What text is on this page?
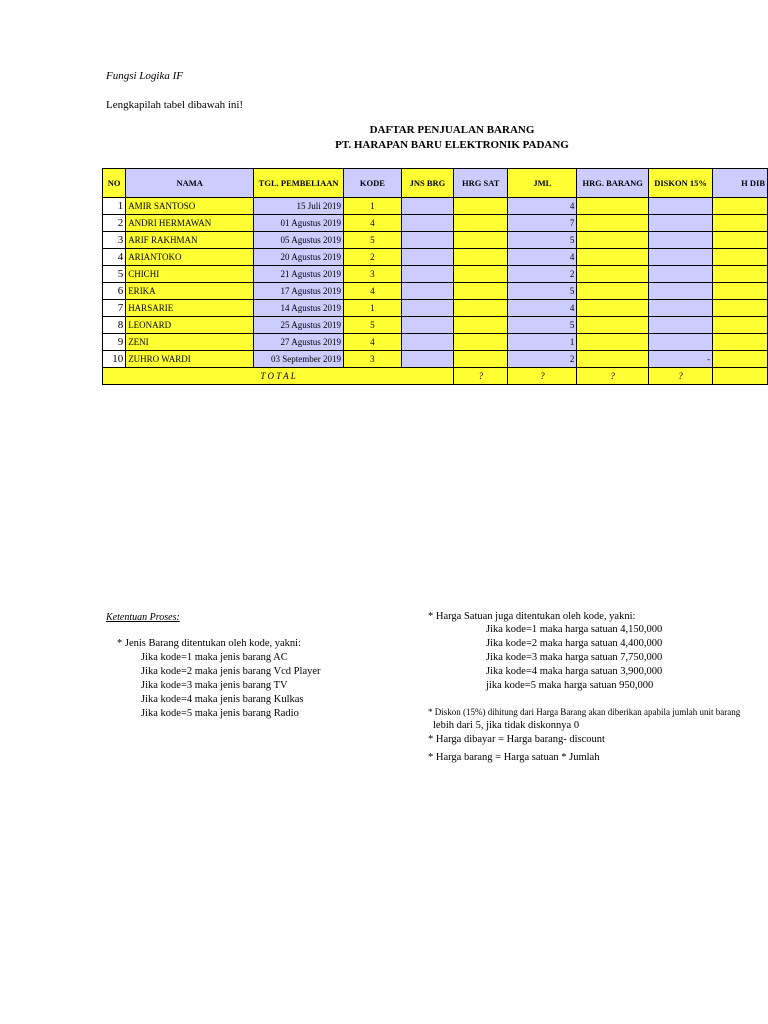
Fungsi Logika IF
Lengkapilah tabel dibawah ini!
DAFTAR PENJUALAN BARANG
PT. HARAPAN BARU ELEKTRONIK PADANG
NO	NAMA	TGL. PEMBELIAAN	KODE	JNS BRG	HRG SAT	JML	HRG. BARANG	DISKON 15%	H DIB
1	AMIR SANTOSO	15 Juli 2019	1			4			
2	ANDRI HERMAWAN	01 Agustus 2019	4			7			
3	ARIF RAKHMAN	05 Agustus 2019	5			5			
4	ARIANTOKO	20 Agustus 2019	2			4			
5	CHICHI	21 Agustus 2019	3			2			
6	ERIKA	17 Agustus 2019	4			5			
7	HARSARIE	14 Agustus 2019	1			4			
8	LEONARD	25 Agustus 2019	5			5			
9	ZENI	27 Agustus 2019	4			1			
10	ZUHRO WARDI	03 September 2019	3			2		-	
T O T A L					?	?	?	?	
Ketentuan Proses:
* Jenis Barang ditentukan oleh kode, yakni:
Jika kode=1 maka jenis barang AC
Jika kode=2 maka jenis barang Vcd Player
Jika kode=3 maka jenis barang TV
Jika kode=4 maka jenis barang Kulkas
Jika kode=5 maka jenis barang Radio
* Harga Satuan juga ditentukan oleh kode, yakni:
Jika kode=1 maka harga satuan 4,150,000
Jika kode=2 maka harga satuan 4,400,000
Jika kode=3 maka harga satuan 7,750,000
Jika kode=4 maka harga satuan 3,900,000
jika kode=5 maka harga satuan 950,000
* Diskon (15%) dihitung dari Harga Barang akan diberikan apabila jumlah unit barang
lebih dari 5, jika tidak diskonnya 0
* Harga dibayar = Harga barang- discount
* Harga barang = Harga satuan * Jumlah
